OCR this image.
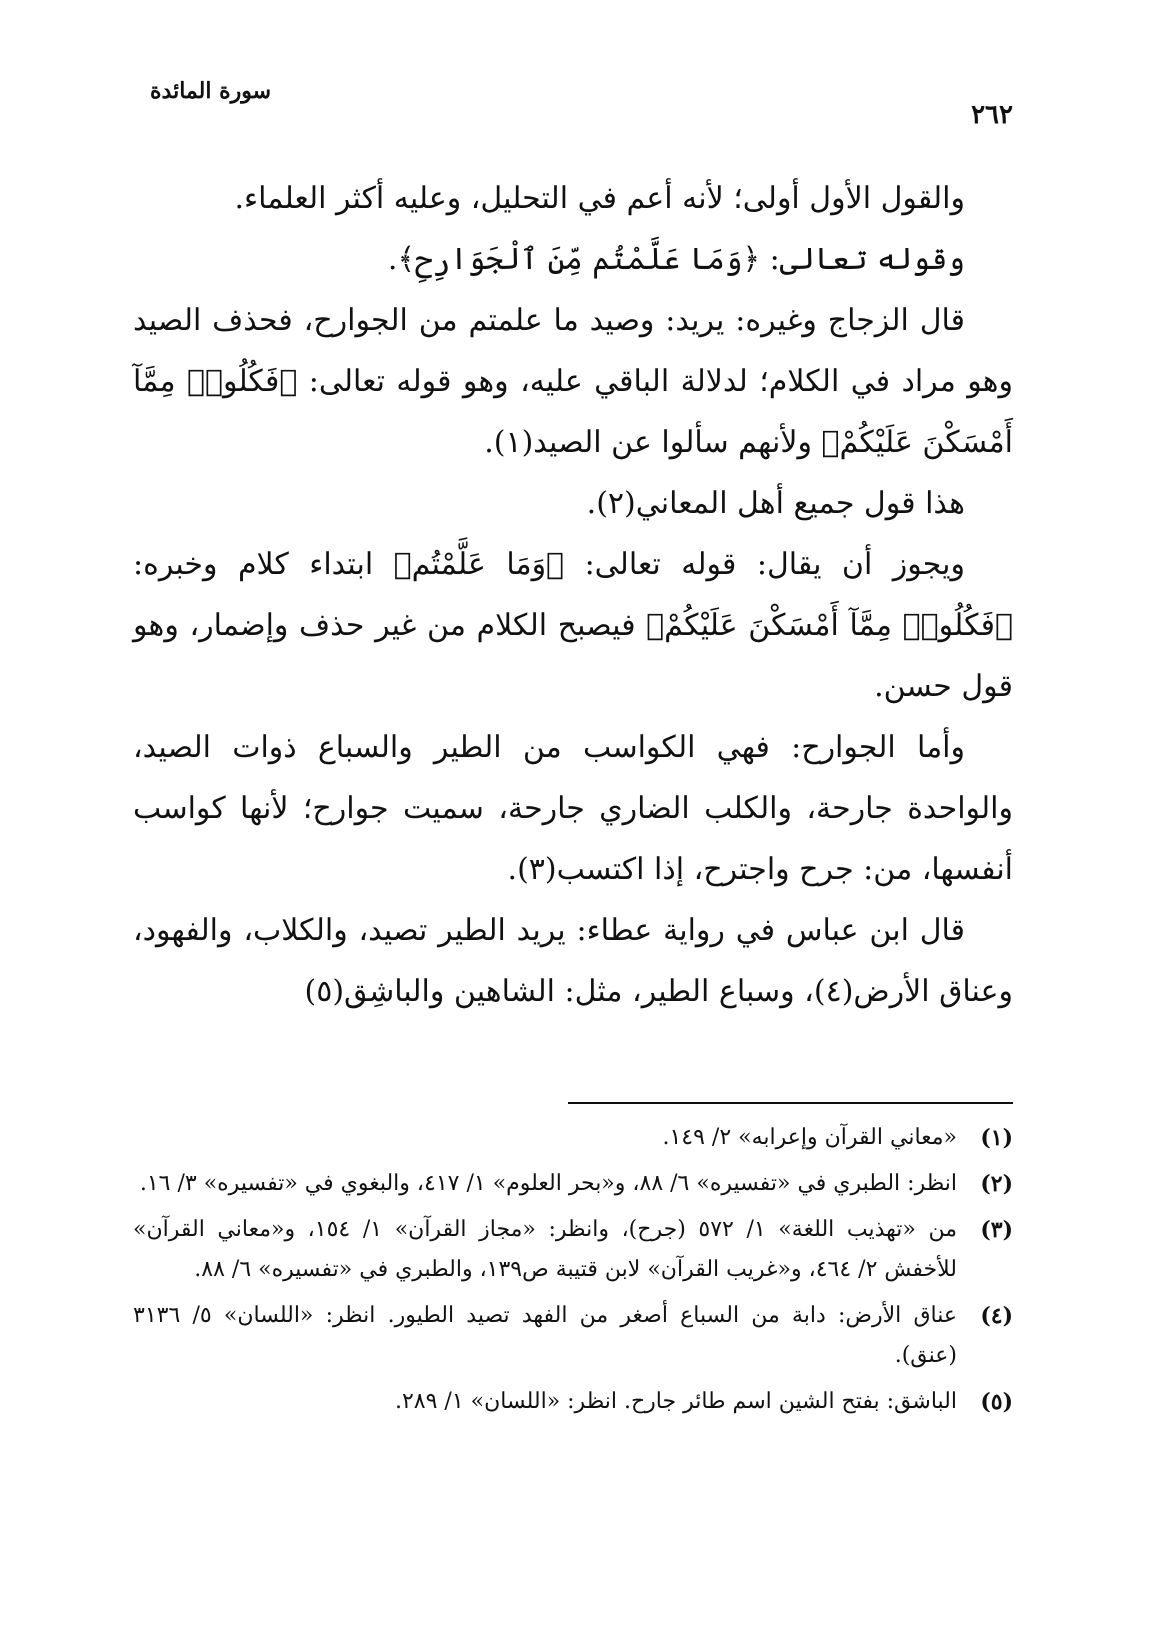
٢٦٢
سورة المائدة

والقول الأول أولى؛ لأنه أعم في التحليل، وعليه أكثر العلماء.

وقوله تعالى: ﴿وَمَا عَلَّمْتُم مِّنَ ٱلْجَوَارِحِ﴾.

قال الزجاج وغيره: يريد: وصيد ما علمتم من الجوارح، فحذف الصيد وهو مراد في الكلام؛ لدلالة الباقي عليه، وهو قوله تعالى: ﴿فَكُلُوا۟ مِمَّآ أَمْسَكْنَ عَلَيْكُمْ﴾ ولأنهم سألوا عن الصيد(١).

هذا قول جميع أهل المعاني(٢).

ويجوز أن يقال: قوله تعالى: ﴿وَمَا عَلَّمْتُم﴾ ابتداء كلام وخبره: ﴿فَكُلُوا۟ مِمَّآ أَمْسَكْنَ عَلَيْكُمْ﴾ فيصبح الكلام من غير حذف وإضمار، وهو قول حسن.

وأما الجوارح: فهي الكواسب من الطير والسباع ذوات الصيد، والواحدة جارحة، والكلب الضاري جارحة، سميت جوارح؛ لأنها كواسب أنفسها، من: جرح واجترح، إذا اكتسب(٣).

قال ابن عباس في رواية عطاء: يريد الطير تصيد، والكلاب، والفهود، وعناق الأرض(٤)، وسباع الطير، مثل: الشاهين والباشِق(٥)

(١)
«معاني القرآن وإعرابه» ٢/ ١٤٩.
(٢)
انظر: الطبري في «تفسيره» ٦/ ٨٨، و«بحر العلوم» ١/ ٤١٧، والبغوي في «تفسيره» ٣/ ١٦.
(٣)
من «تهذيب اللغة» ١/ ٥٧٢ (جرح)، وانظر: «مجاز القرآن» ١/ ١٥٤، و«معاني القرآن» للأخفش ٢/ ٤٦٤، و«غريب القرآن» لابن قتيبة ص١٣٩، والطبري في «تفسيره» ٦/ ٨٨.
(٤)
عناق الأرض: دابة من السباع أصغر من الفهد تصيد الطيور. انظر: «اللسان» ٥/ ٣١٣٦ (عنق).
(٥)
الباشق: بفتح الشين اسم طائر جارح. انظر: «اللسان» ١/ ٢٨٩.
